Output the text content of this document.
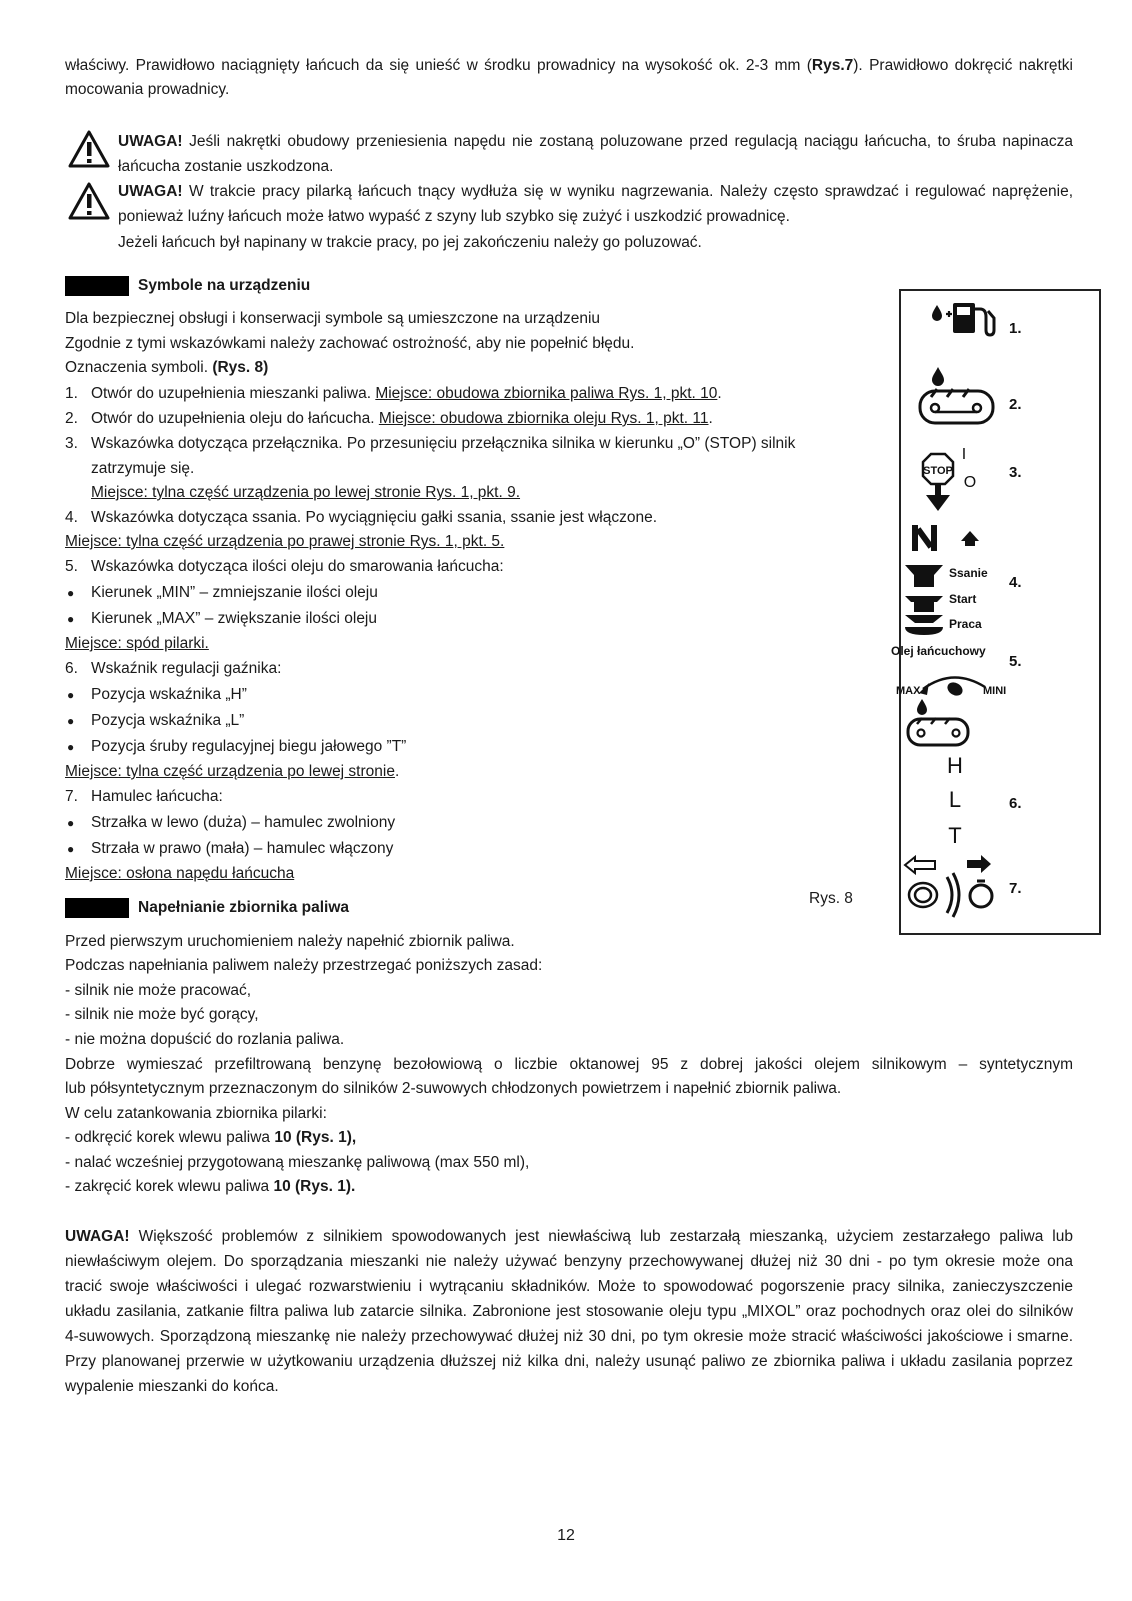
właściwy. Prawidłowo naciągnięty łańcuch da się unieść w środku prowadnicy na wysokość ok. 2-3 mm (Rys.7). Prawidłowo dokręcić nakrętki
mocowania prowadnicy.
UWAGA! Jeśli nakrętki obudowy przeniesienia napędu nie zostaną poluzowane przed regulacją naciągu łańcucha, to śruba napinacza
łańcucha zostanie uszkodzona.
UWAGA! W trakcie pracy pilarką łańcuch tnący wydłuża się w wyniku nagrzewania. Należy często sprawdzać i regulować naprężenie,
ponieważ luźny łańcuch może łatwo wypaść z szyny lub szybko się zużyć i uszkodzić prowadnicę.
Jeżeli łańcuch był napinany w trakcie pracy, po jej zakończeniu należy go poluzować.
Symbole na urządzeniu
Dla bezpiecznej obsługi i konserwacji symbole są umieszczone na urządzeniu
Zgodnie z tymi wskazówkami należy zachować ostrożność, aby nie popełnić błędu.
Oznaczenia symboli. (Rys. 8)
1. Otwór do uzupełnienia mieszanki paliwa. Miejsce: obudowa zbiornika paliwa Rys. 1, pkt. 10.
2. Otwór do uzupełnienia oleju do łańcucha. Miejsce: obudowa zbiornika oleju Rys. 1, pkt. 11.
3. Wskazówka dotycząca przełącznika. Po przesunięciu przełącznika silnika w kierunku „O” (STOP) silnik
zatrzymuje się.
Miejsce: tylna część urządzenia po lewej stronie Rys. 1, pkt. 9.
4. Wskazówka dotycząca ssania. Po wyciągnięciu gałki ssania, ssanie jest włączone.
Miejsce: tylna część urządzenia po prawej stronie Rys. 1, pkt. 5.
5. Wskazówka dotycząca ilości oleju do smarowania łańcucha:
● Kierunek „MIN” – zmniejszanie ilości oleju
● Kierunek „MAX” – zwiększanie ilości oleju
Miejsce: spód pilarki.
6. Wskaźnik regulacji gaźnika:
● Pozycja wskaźnika „H”
● Pozycja wskaźnika „L”
● Pozycja śruby regulacyjnej biegu jałowego ”T”
Miejsce: tylna część urządzenia po lewej stronie.
7. Hamulec łańcucha:
● Strzałka w lewo (duża) – hamulec zwolniony
● Strzała w prawo (mała) – hamulec włączony
Miejsce: osłona napędu łańcucha
Rys. 8
1.
2.
STOP
I
O
3.
Ssanie
Start
Praca
4.
Olej łańcuchowy
5.
MAX	MINI
H
L
T
6.
7.
Napełnianie zbiornika paliwa
Przed pierwszym uruchomieniem należy napełnić zbiornik paliwa.
Podczas napełniania paliwem należy przestrzegać poniższych zasad:
- silnik nie może pracować,
- silnik nie może być gorący,
- nie można dopuścić do rozlania paliwa.
Dobrze wymieszać przefiltrowaną benzynę bezołowiową o liczbie oktanowej 95 z dobrej jakości olejem silnikowym – syntetycznym
lub półsyntetycznym przeznaczonym do silników 2-suwowych chłodzonych powietrzem i napełnić zbiornik paliwa.
W celu zatankowania zbiornika pilarki:
- odkręcić korek wlewu paliwa 10 (Rys. 1),
- nalać wcześniej przygotowaną mieszankę paliwową (max 550 ml),
- zakręcić korek wlewu paliwa 10 (Rys. 1).
UWAGA! Większość problemów z silnikiem spowodowanych jest niewłaściwą lub zestarzałą mieszanką, użyciem zestarzałego paliwa lub
niewłaściwym olejem. Do sporządzania mieszanki nie należy używać benzyny przechowywanej dłużej niż 30 dni - po tym okresie może ona
tracić swoje właściwości i ulegać rozwarstwieniu i wytrącaniu składników. Może to spowodować pogorszenie pracy silnika, zanieczyszczenie
układu zasilania, zatkanie filtra paliwa lub zatarcie silnika. Zabronione jest stosowanie oleju typu „MIXOL” oraz pochodnych oraz olei do silników
4-suwowych. Sporządzoną mieszankę nie należy przechowywać dłużej niż 30 dni, po tym okresie może stracić właściwości jakościowe i smarne.
Przy planowanej przerwie w użytkowaniu urządzenia dłuższej niż kilka dni, należy usunąć paliwo ze zbiornika paliwa i układu zasilania poprzez
wypalenie mieszanki do końca.
12
